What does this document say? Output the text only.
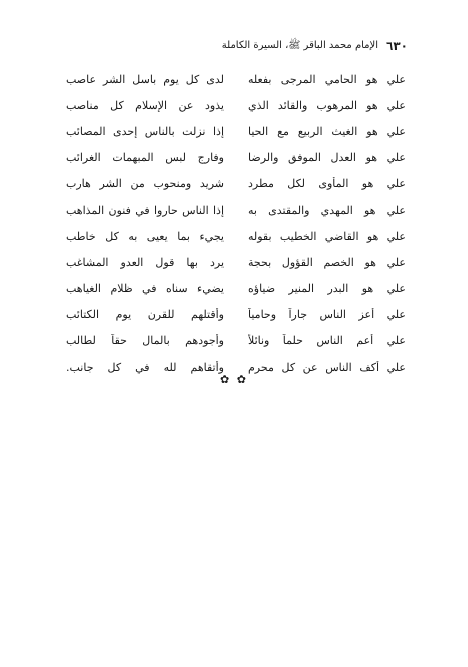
٦٣٠
الإمام محمد الباقر ﷺ، السيرة الكاملة
علي هو الحامي المرجى بفعله
لدى كل يوم باسل الشر عاصب
علي هو المرهوب والقائد الذي
يذود عن الإسلام كل مناصب
علي هو الغيث الربيع مع الحيا
إذا نزلت بالناس إحدى المصائب
علي هو العدل الموفق والرضا
وفارج لبس المبهمات الغرائب
علي هو المأوى لكل مطرد
شريد ومنحوب من الشر هارب
علي هو المهدي والمقتدى به
إذا الناس حاروا في فنون المذاهب
علي هو القاضي الخطيب بقوله
يجيء بما يعيى به كل خاطب
علي هو الخصم القؤول بحجة
يرد بها قول العدو المشاغب
علي هو البدر المنير ضياؤه
يضيء سناه في ظلام الغياهب
علي أعز الناس جاراً وحامياً
وأقتلهم للقرن يوم الكتائب
علي أعم الناس حلماً ونائلاً
وأجودهم بالمال حقاً لطالب
علي أكف الناس عن كل محرم
وأتقاهم لله في كل جانب.
✿ ✿
